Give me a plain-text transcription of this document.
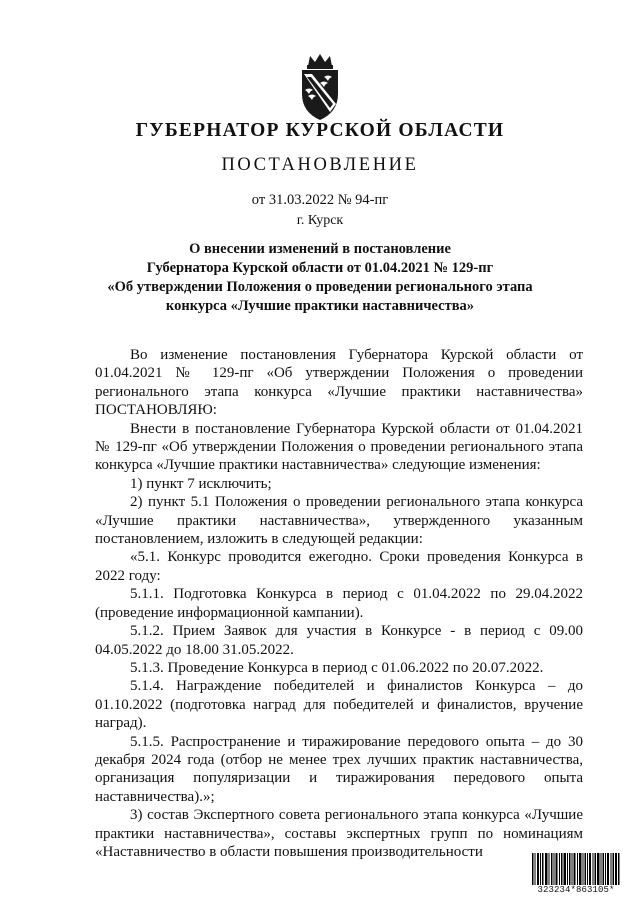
ГУБЕРНАТОР КУРСКОЙ ОБЛАСТИ
ПОСТАНОВЛЕНИЕ
от 31.03.2022 № 94-пг
г. Курск
О внесении изменений в постановление
Губернатора Курской области от 01.04.2021 № 129-пг
«Об утверждении Положения о проведении регионального этапа
конкурса «Лучшие практики наставничества»

Во изменение постановления Губернатора Курской области от 01.04.2021 № 129-пг «Об утверждении Положения о проведении регионального этапа конкурса «Лучшие практики наставничества» ПОСТАНОВЛЯЮ:

Внести в постановление Губернатора Курской области от 01.04.2021 № 129-пг «Об утверждении Положения о проведении регионального этапа конкурса «Лучшие практики наставничества» следующие изменения:

1) пункт 7 исключить;

2) пункт 5.1 Положения о проведении регионального этапа конкурса «Лучшие практики наставничества», утвержденного указанным постановлением, изложить в следующей редакции:

«5.1. Конкурс проводится ежегодно. Сроки проведения Конкурса в 2022 году:

5.1.1. Подготовка Конкурса в период с 01.04.2022 по 29.04.2022 (проведение информационной кампании).

5.1.2. Прием Заявок для участия в Конкурсе - в период с 09.00 04.05.2022 до 18.00 31.05.2022.

5.1.3. Проведение Конкурса в период с 01.06.2022 по 20.07.2022.

5.1.4. Награждение победителей и финалистов Конкурса – до 01.10.2022 (подготовка наград для победителей и финалистов, вручение наград).

5.1.5. Распространение и тиражирование передового опыта – до 30 декабря 2024 года (отбор не менее трех лучших практик наставничества, организация популяризации и тиражирования передового опыта наставничества).»;

3) состав Экспертного совета регионального этапа конкурса «Лучшие практики наставничества», составы экспертных групп по номинациям «Наставничество в области повышения производительности

323234*863105*
